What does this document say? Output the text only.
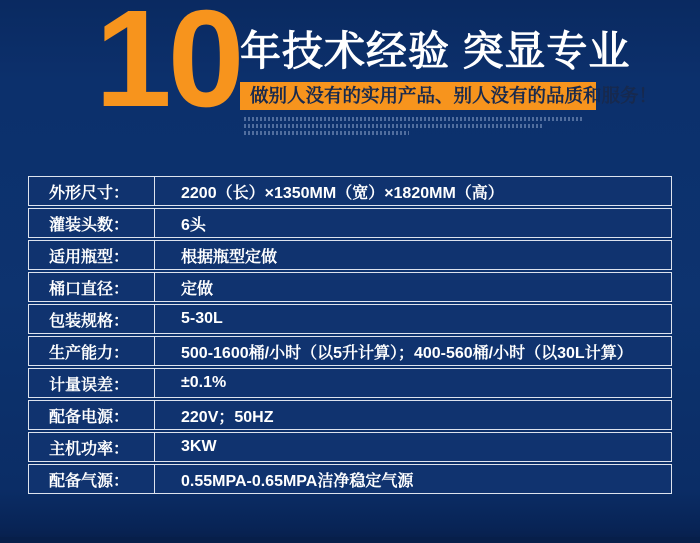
10 年技术经验 突显专业
做别人没有的实用产品、别人没有的品质和服务！
外形尺寸：	2200（长）×1350MM（宽）×1820MM（高）
灌装头数：	6头
适用瓶型：	根据瓶型定做
桶口直径：	定做
包装规格：	5-30L
生产能力：	500-1600桶/小时（以5升计算）；400-560桶/小时（以30L计算）
计量误差：	±0.1%
配备电源：	220V；50HZ
主机功率：	3KW
配备气源：	0.55MPA-0.65MPA洁净稳定气源
